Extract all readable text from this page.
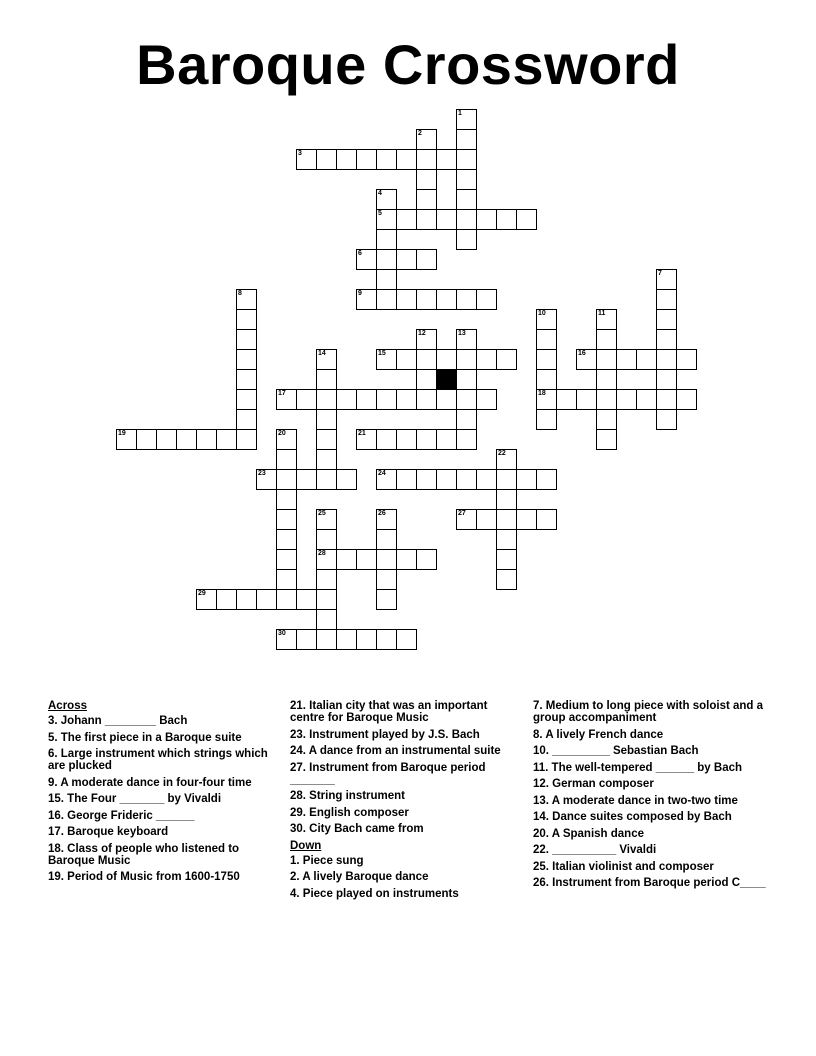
Baroque Crossword
1
2
3
4
5
6
7
8	9
10
18
11
12	13
14	15	16
17
19	20	21
22
23	24
25
28
26	27
29
30
Across
3. Johann ________ Bach
5. The first piece in a Baroque suite
6. Large instrument which strings which are plucked
9. A moderate dance in four-four time
15. The Four _______ by Vivaldi
16. George Frideric ______
17. Baroque keyboard
18. Class of people who listened to Baroque Music
19. Period of Music from 1600-1750
21. Italian city that was an important centre for Baroque Music
23. Instrument played by J.S. Bach
24. A dance from an instrumental suite
27. Instrument from Baroque period _______
28. String instrument
29. English composer
30. City Bach came from
Down
1. Piece sung
2. A lively Baroque dance
4. Piece played on instruments
7. Medium to long piece with soloist and a group accompaniment
8. A lively French dance
10. _________ Sebastian Bach
11. The well-tempered ______ by Bach
12. German composer
13. A moderate dance in two-two time
14. Dance suites composed by Bach
20. A Spanish dance
22. __________ Vivaldi
25. Italian violinist and composer
26. Instrument from Baroque period C____
